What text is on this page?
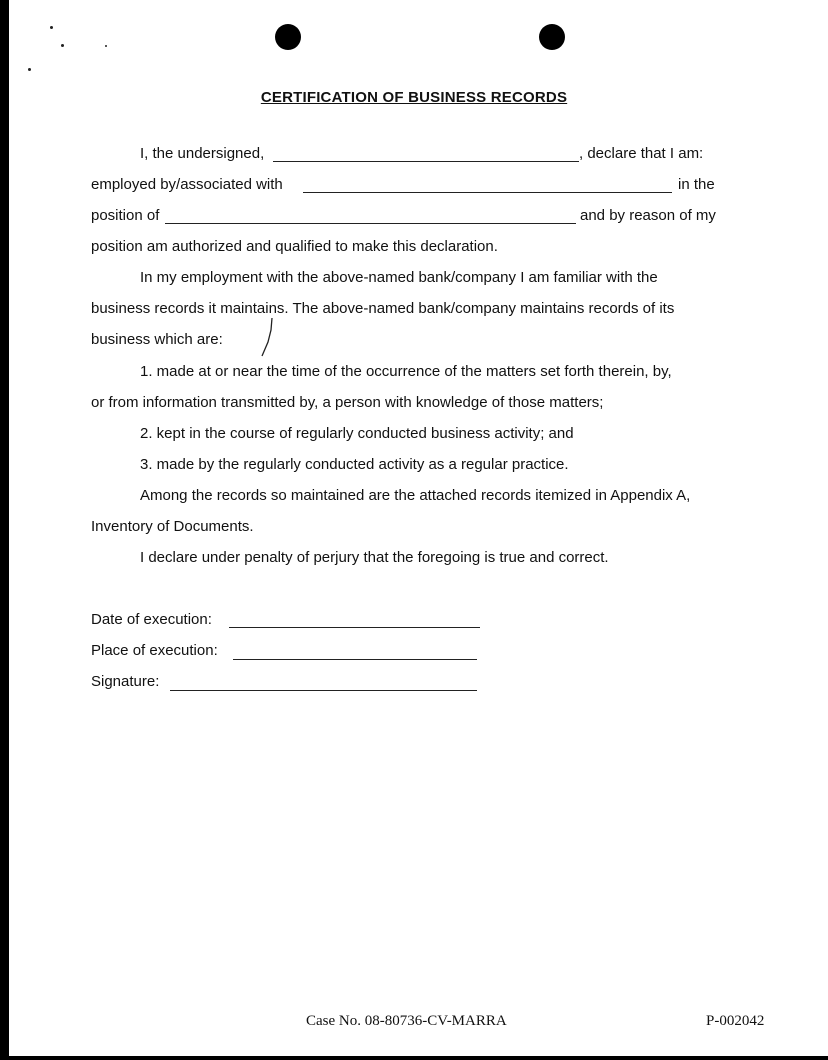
CERTIFICATION OF BUSINESS RECORDS
I, the undersigned,	, declare that I am:
employed by/associated with	in the
position of	and by reason of my
position am authorized and qualified to make this declaration.
In my employment with the above-named bank/company I am familiar with the
business records it maintains. The above-named bank/company maintains records of its
business which are:
1. made at or near the time of the occurrence of the matters set forth therein, by,
or from information transmitted by, a person with knowledge of those matters;
2. kept in the course of regularly conducted business activity; and
3. made by the regularly conducted activity as a regular practice.
Among the records so maintained are the attached records itemized in Appendix A,
Inventory of Documents.
I declare under penalty of perjury that the foregoing is true and correct.
Date of execution:
Place of execution:
Signature:
Case No. 08-80736-CV-MARRA	P-002042
